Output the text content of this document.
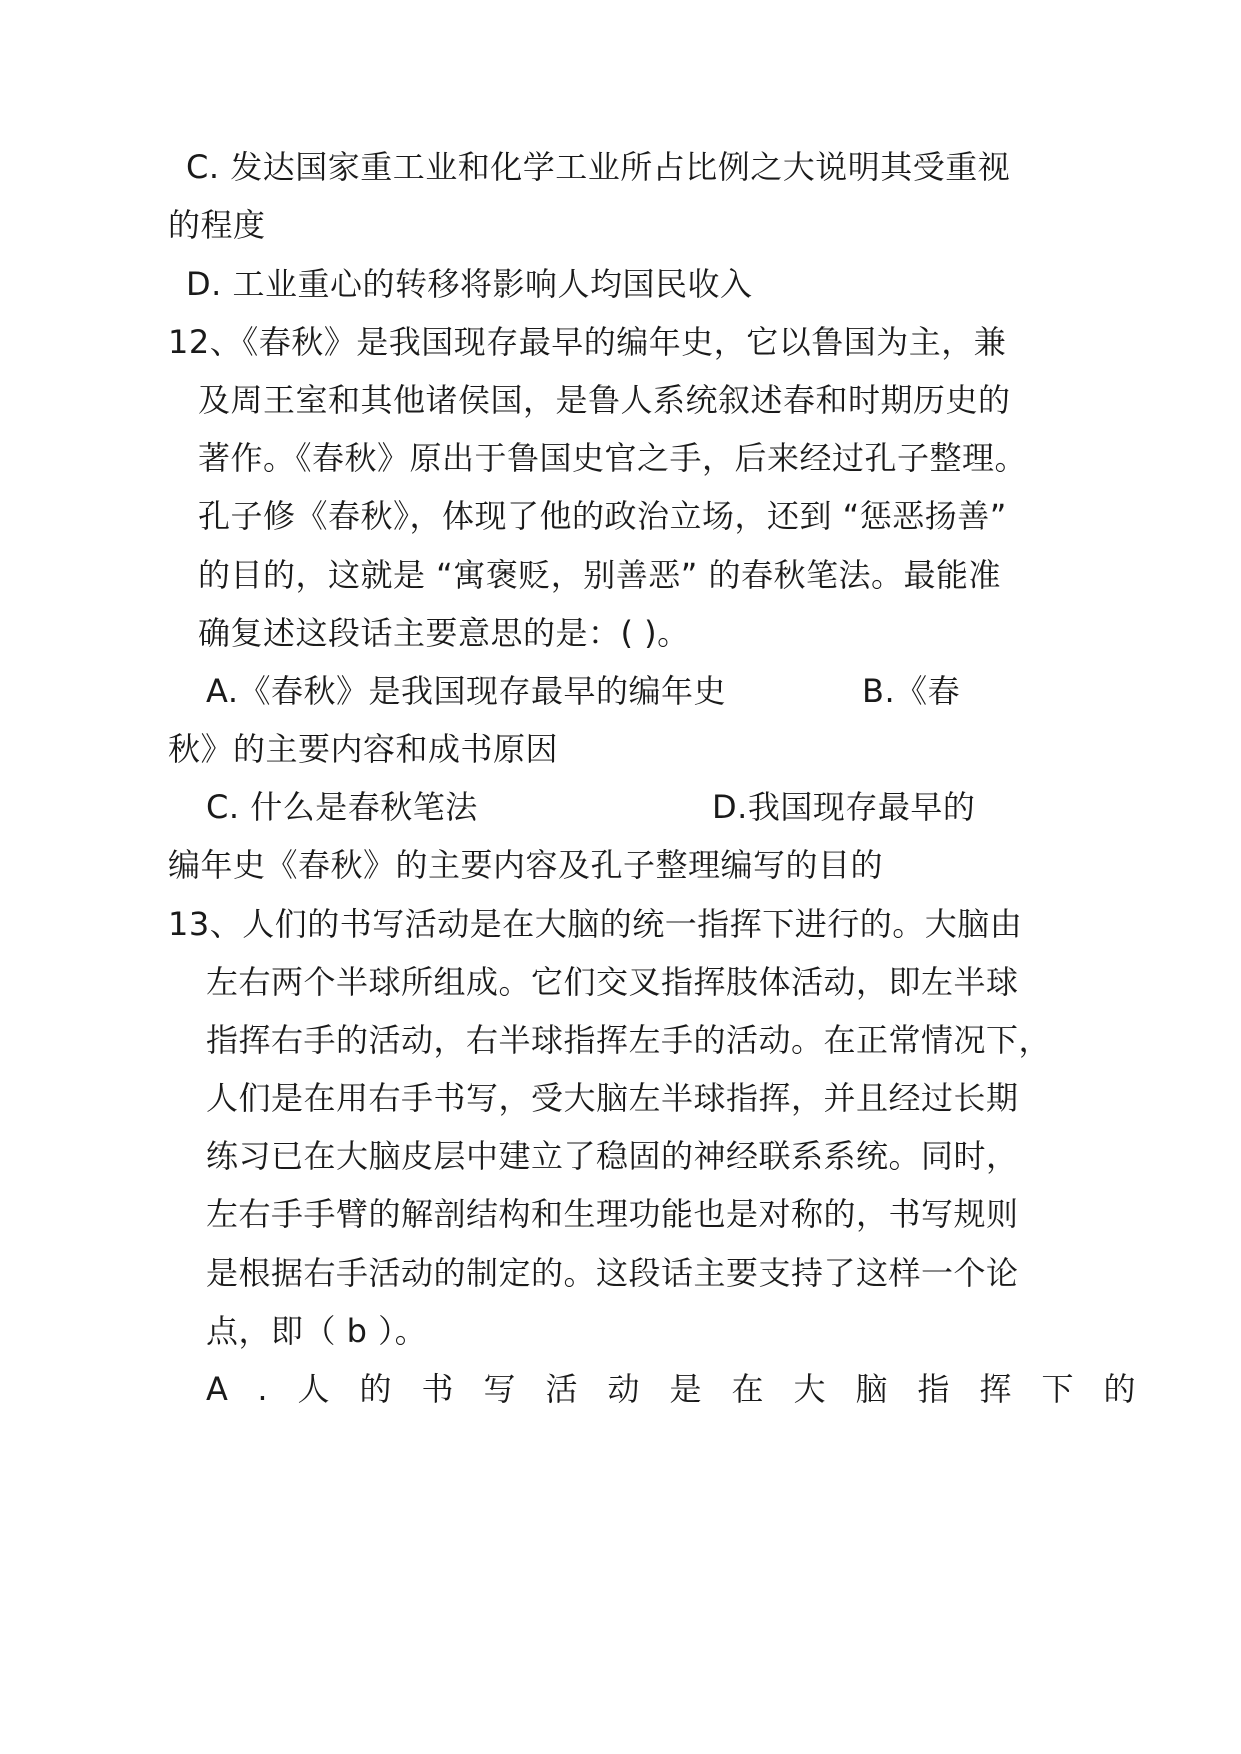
C. 发达国家重工业和化学工业所占比例之大说明其受重视

的程度

D. 工业重心的转移将影响人均国民收入

12、《春秋》是我国现存最早的编年史，它以鲁国为主，兼

及周王室和其他诸侯国，是鲁人系统叙述春和时期历史的

著作。《春秋》原出于鲁国史官之手，后来经过孔子整理。

孔子修《春秋》，体现了他的政治立场，还到 “惩恶扬善”

的目的，这就是 “寓褒贬，别善恶” 的春秋笔法。最能准

确复述这段话主要意思的是：( )。

A.《春秋》是我国现存最早的编年史	B.《春

秋》的主要内容和成书原因

C. 什么是春秋笔法	D.我国现存最早的

编年史《春秋》的主要内容及孔子整理编写的目的

13、人们的书写活动是在大脑的统一指挥下进行的。大脑由

左右两个半球所组成。它们交叉指挥肢体活动，即左半球

指挥右手的活动，右半球指挥左手的活动。在正常情况下，

人们是在用右手书写，受大脑左半球指挥，并且经过长期

练习已在大脑皮层中建立了稳固的神经联系系统。同时，

左右手手臂的解剖结构和生理功能也是对称的，书写规则

是根据右手活动的制定的。这段话主要支持了这样一个论

点，即（ b ）。

A.人的书写活动是在大脑指挥下的
